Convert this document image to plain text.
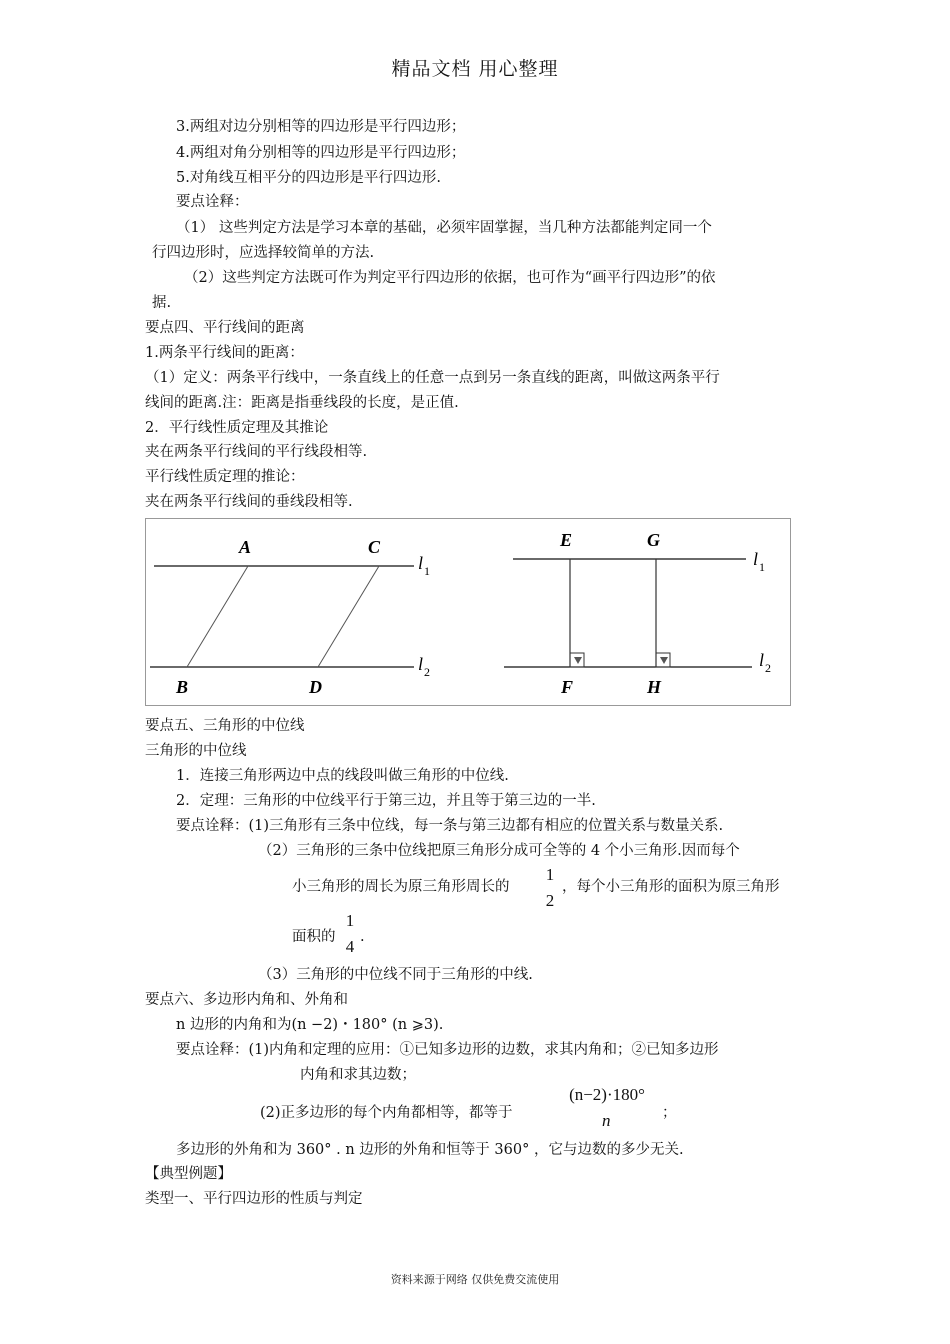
精品文档 用心整理
3.两组对边分别相等的四边形是平行四边形；
4.两组对角分别相等的四边形是平行四边形；
5.对角线互相平分的四边形是平行四边形.
要点诠释：
（1） 这些判定方法是学习本章的基础，必须牢固掌握，当几种方法都能判定同一个
行四边形时，应选择较简单的方法.
（2）这些判定方法既可作为判定平行四边形的依据，也可作为“画平行四边形”的依
据.
要点四、平行线间的距离
1.两条平行线间的距离：
（1）定义：两条平行线中，一条直线上的任意一点到另一条直线的距离，叫做这两条平行
线间的距离.注：距离是指垂线段的长度，是正值.
2．平行线性质定理及其推论
夹在两条平行线间的平行线段相等.
平行线性质定理的推论：
夹在两条平行线间的垂线段相等.
A	C
B	D
l 1
l 2
E	G
F	H
l 1
l 2
要点五、三角形的中位线
三角形的中位线
1．连接三角形两边中点的线段叫做三角形的中位线.
2．定理：三角形的中位线平行于第三边，并且等于第三边的一半.
要点诠释：(1)三角形有三条中位线，每一条与第三边都有相应的位置关系与数量关系.
（2）三角形的三条中位线把原三角形分成可全等的 4 个小三角形.因而每个
小三角形的周长为原三角形周长的
1
2
，每个小三角形的面积为原三角形
面积的
1
4 .
（3）三角形的中位线不同于三角形的中线.
要点六、多边形内角和、外角和
n 边形的内角和为(n −2)・180° (n ⩾3).
要点诠释：(1)内角和定理的应用：①已知多边形的边数，求其内角和；②已知多边形
内角和求其边数；
(2)正多边形的每个内角都相等，都等于
(n−2)·180°
n	；
多边形的外角和为 360° . n 边形的外角和恒等于 360° ，它与边数的多少无关.
【典型例题】
类型一、平行四边形的性质与判定
资料来源于网络 仅供免费交流使用
